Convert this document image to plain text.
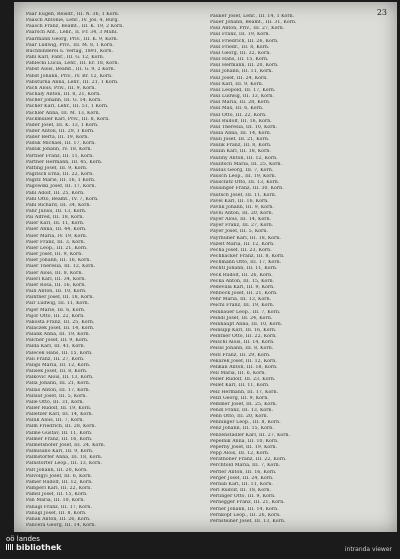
23
Paar Eugen, Reisdr., III. N. 36, 1 Korn.
Paasch Antonie, Lehr., IV. Jos. 4, Burg.
Paasch Franz, Beamt., III. K. 19, 2 Korn.
Paarsch Ant., Lehr., II. Fr. 34, 3 Mühl.
Paarmann Georg, Priv., III. K. 9, Korn.
Paar Ludwig, Priv., III. M. 8, 1 Korn.
Buchbinderei u. Verlag, 1891, Korn.
Pahl Karl, Fabr., III. G. 12, Korn.
Pahlecki Lucia, Lehr., III. Er. 18, Korn.
Pabst Alois, Beamt., III. G. 9, 2 Korn.
Pabst Johann, Priv., IV. Br. 12, Korn.
Pabsturna Anna, Lehr., III. 21, 1 Korn.
Pach Alois, Priv., III. 9, Korn.
Pachaly Anton, III. 8, 21, Korn.
Pacher Johann, III. G. 14, Korn.
Pacher Karl, Lehr., III. 51, 1 Korn.
Pächler Anna, III. M. 13, Korn.
Packmüller Karl, Priv., III. 8, Korn.
Pader Josef, III. K. 13, 1 Korn.
Pader Anton, III. 29, 1 Korn.
Pader Berta, III. 19, Korn.
Paduk Michael, III. 17, Korn.
Paduk Johann, IV. 18, Korn.
Pärtner Franz, III. 11, Korn.
Pärtner Hermann, III. 45, Korn.
Paffing Josef, III. 9, Korn.
Pagitsch Erna, III. 22, Korn.
Pagitz Marie, III. 16, 1 Korn.
Pagowski Josef, III. 17, Korn.
Pahl Adolf, III. 25, Korn.
Pahl Otto, Beamt., IV. 7, Korn.
Pahl Richard, III. 34, Korn.
Pahr Julius, III. 13, Korn.
Pai Alfred, III. 18, Korn.
Paier Karl, III. 11, Korn.
Paier Anna, III. 44, Korn.
Paier Maria, IV. 19, Korn.
Paier Franz, III. 3, Korn.
Paier Leop., III. 21, Korn.
Paier Josef, III. 9, Korn.
Paier Johann, III. 16, Korn.
Paier Theresia, III. 12, Korn.
Paier Alois, III. 8, Korn.
Paierl Karl, III. 34, Korn.
Paier Rosa, III. 16, Korn.
Paill Anton, III. 10, Korn.
Paintner Josef, III. 18, Korn.
Pair Ludwig, III. 11, Korn.
Pajer Marie, III. 6, Korn.
Pajor Otto, III. 22, Korn.
Pakosta Franz, III. 25, Korn.
Palaczek Josef, III. 14, Korn.
Palank Anna, III. 19, Korn.
Palcher Josef, III. 9, Korn.
Palda Karl, III. 41, Korn.
Palecek Hans, III. 15, Korn.
Pali Franz, III. 27, Korn.
Paligs Maria, III. 12, Korn.
Palisek Josef, III. 8, Korn.
Palkovic Alois, III. 13, Korn.
Palla Johann, III. 21, Korn.
Pallas Anton, III. 17, Korn.
Pallauf Josef, III. 5, Korn.
Palle Otto, III. 31, Korn.
Paller Rudolf, III. 19, Korn.
Palletzer Karl, III. 14, Korn.
Pallik Alois, III. 7, Korn.
Palm Friedrich, III. 28, Korn.
Palme Gustav, III. 11, Korn.
Palmer Franz, III. 16, Korn.
Palmetshofer Josef, III. 24, Korn.
Palmisano Karl, III. 9, Korn.
Palmstorfer Anna, III. 18, Korn.
Palnstorfer Leop., III. 13, Korn.
Palt Johann, III. 20, Korn.
Palvölgyi Josef, III. 6, Korn.
Pamer Rudolf, III. 12, Korn.
Pamperl Karl, III. 22, Korn.
Pamsl Josef, III. 15, Korn.
Pan Maria, III. 10, Korn.
Panagl Franz, III. 17, Korn.
Panagl Josef, III. 8, Korn.
Panak Anton, III. 26, Korn.
Pancera Georg, III. 14, Korn.
Pauker Josef, Lehr., III. 14, 1 Korn.
Pauer Johann, Beamt., III. 31, Korn.
Paul Anton, Priv., III. 27, Korn.
Paul Franz, III. 19, Korn.
Paul Friedrich, III. 26, Korn.
Paul Friedr., III. 8, Korn.
Paul Georg, III. 32, Korn.
Paul Hans, III. 15, Korn.
Paul Hermann, III. 20, Korn.
Paul Johann, III. 11, Korn.
Paul Josef, III. 24, Korn.
Paul Karl, III. 9, Korn.
Paul Leopold, III. 17, Korn.
Paul Ludwig, III. 13, Korn.
Paul Maria, III. 28, Korn.
Paul Max, III. 6, Korn.
Paul Otto, III. 22, Korn.
Paul Rudolf, III. 16, Korn.
Paul Theresia, III. 10, Korn.
Paula Anna, III. 14, Korn.
Pauli Josef, III. 21, Korn.
Paulik Franz, III. 8, Korn.
Paulin Karl, III. 18, Korn.
Pauliny Anton, III. 12, Korn.
Paulitsch Maria, III. 25, Korn.
Paulus Georg, III. 7, Korn.
Pausch Leop., III. 19, Korn.
Pauschitz Otto, III. 13, Korn.
Pausinger Franz, III. 30, Korn.
Pautsch Josef, III. 11, Korn.
Pavel Karl, III. 16, Korn.
Pavlik Johann, III. 9, Korn.
Pavlu Anton, III. 20, Korn.
Payer Alois, III. 14, Korn.
Payer Franz, III. 27, Korn.
Payer Josef, III. 5, Korn.
Payrhuber Karl, III. 18, Korn.
Pazelt Maria, III. 12, Korn.
Pecha Josef, III. 23, Korn.
Pechhacker Franz, III. 8, Korn.
Pechmann Otto, III. 17, Korn.
Pechtl Johann, III. 11, Korn.
Peck Rudolf, III. 26, Korn.
Pecka Anton, III. 15, Korn.
Pedevilla Karl, III. 9, Korn.
Pehböck Josef, III. 21, Korn.
Pehr Maria, III. 13, Korn.
Peichl Franz, III. 19, Korn.
Peinbauer Leop., III. 7, Korn.
Peindl Josef, III. 24, Korn.
Peinhaupt Anna, III. 10, Korn.
Peinsipp Karl, III. 16, Korn.
Peintner Otto, III. 22, Korn.
Peischl Alois, III. 14, Korn.
Peissl Johann, III. 8, Korn.
Peitl Franz, III. 29, Korn.
Pekarek Josef, III. 12, Korn.
Pelikan Anton, III. 18, Korn.
Pell Maria, III. 6, Korn.
Peller Rudolf, III. 23, Korn.
Pellet Karl, III. 11, Korn.
Pelz Hermann, III. 17, Korn.
Pelzl Georg, III. 9, Korn.
Pemmer Josef, III. 25, Korn.
Pendl Franz, III. 13, Korn.
Penn Otto, III. 20, Korn.
Penninger Leop., III. 8, Korn.
Penz Johann, III. 15, Korn.
Penzenstadler Karl, III. 27, Korn.
Pepelnik Anna, III. 10, Korn.
Peperny Josef, III. 19, Korn.
Pepp Alois, III. 12, Korn.
Perathoner Franz, III. 22, Korn.
Perchtold Maria, III. 7, Korn.
Perfler Anton, III. 16, Korn.
Perger Josef, III. 24, Korn.
Perhab Karl, III. 11, Korn.
Perl Rudolf, III. 18, Korn.
Perlinger Otto, III. 9, Korn.
Pernegger Franz, III. 21, Korn.
Perner Johann, III. 14, Korn.
Pernkopf Leop., III. 26, Korn.
Pernsteiner Josef, III. 13, Korn.
oö landes
bibliothek	intranda viewer
